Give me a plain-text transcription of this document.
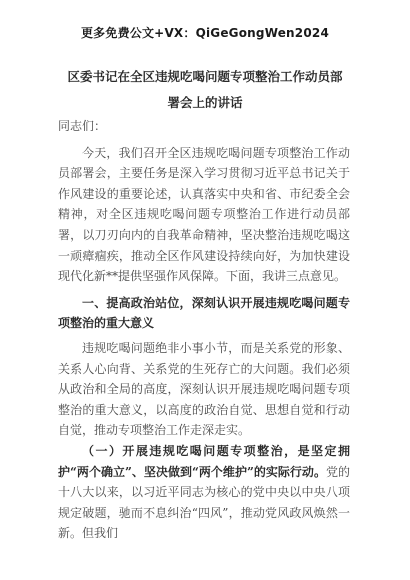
更多免费公文+VX：QiGeGongWen2024
区委书记在全区违规吃喝问题专项整治工作动员部署会上的讲话

同志们：

今天，我们召开全区违规吃喝问题专项整治工作动员部署会，主要任务是深入学习贯彻习近平总书记关于作风建设的重要论述，认真落实中央和省、市纪委全会精神，对全区违规吃喝问题专项整治工作进行动员部署，以刀刃向内的自我革命精神，坚决整治违规吃喝这一顽瘴痼疾，推动全区作风建设持续向好，为加快建设现代化新**提供坚强作风保障。下面，我讲三点意见。

一、提高政治站位，深刻认识开展违规吃喝问题专项整治的重大意义

违规吃喝问题绝非小事小节，而是关系党的形象、关系人心向背、关系党的生死存亡的大问题。我们必须从政治和全局的高度，深刻认识开展违规吃喝问题专项整治的重大意义，以高度的政治自觉、思想自觉和行动自觉，推动专项整治工作走深走实。

（一）开展违规吃喝问题专项整治，是坚定拥护“两个确立”、坚决做到“两个维护”的实际行动。党的十八大以来，以习近平同志为核心的党中央以中央八项规定破题，驰而不息纠治“四风”，推动党风政风焕然一新。但我们
